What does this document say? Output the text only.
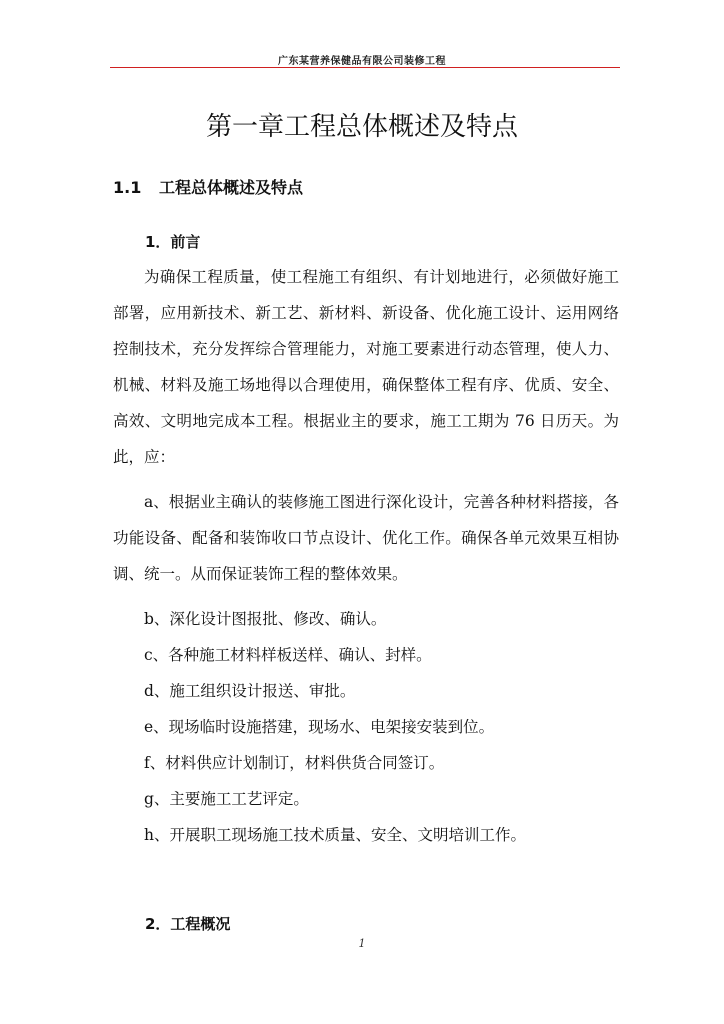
广东某营养保健品有限公司装修工程
第一章工程总体概述及特点
1.1 工程总体概述及特点
1．前言

为确保工程质量，使工程施工有组织、有计划地进行，必须做好施工部署，应用新技术、新工艺、新材料、新设备、优化施工设计、运用网络控制技术，充分发挥综合管理能力，对施工要素进行动态管理，使人力、机械、材料及施工场地得以合理使用，确保整体工程有序、优质、安全、高效、文明地完成本工程。根据业主的要求，施工工期为 76 日历天。为此，应：

a、根据业主确认的装修施工图进行深化设计，完善各种材料搭接，各功能设备、配备和装饰收口节点设计、优化工作。确保各单元效果互相协调、统一。从而保证装饰工程的整体效果。

b、深化设计图报批、修改、确认。
c、各种施工材料样板送样、确认、封样。
d、施工组织设计报送、审批。
e、现场临时设施搭建，现场水、电架接安装到位。
f、材料供应计划制订，材料供货合同签订。
g、主要施工工艺评定。
h、开展职工现场施工技术质量、安全、文明培训工作。
2．工程概况
1
